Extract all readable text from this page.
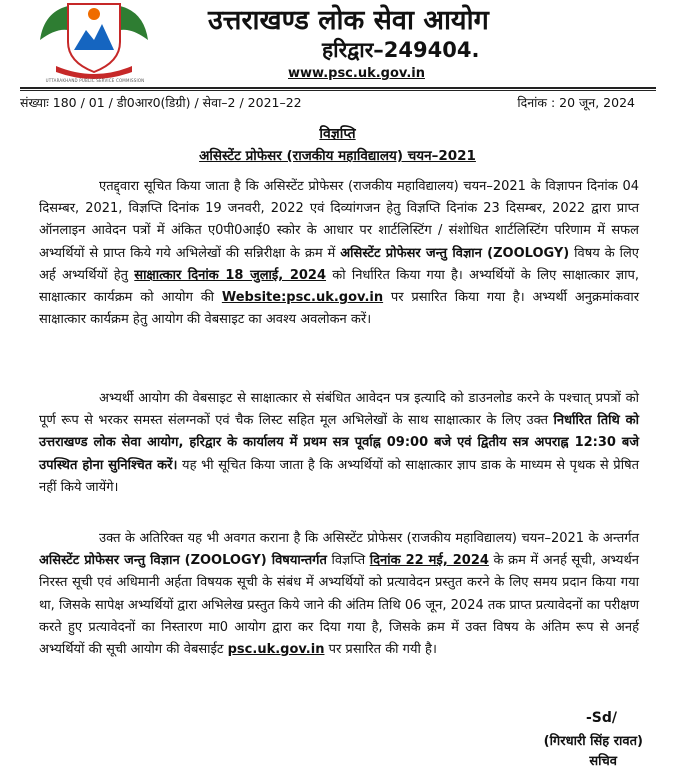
UTTARAKHAND PUBLIC SERVICE COMMISSION
उत्तराखण्ड लोक सेवा आयोग
हरिद्वार–249404.
www.psc.uk.gov.in
संख्याः 180 / 01 / डी0आर0(डिग्री) / सेवा–2 / 2021–22	दिनांक : 20 जून, 2024
विज्ञप्ति
असिस्टेंट प्रोफेसर (राजकीय महाविद्यालय) चयन–2021

एतद्द्वारा सूचित किया जाता है कि असिस्टेंट प्रोफेसर (राजकीय महाविद्यालय) चयन–2021 के विज्ञापन दिनांक 04 दिसम्बर, 2021, विज्ञप्ति दिनांक 19 जनवरी, 2022 एवं दिव्यांगजन हेतु विज्ञप्ति दिनांक 23 दिसम्बर, 2022 द्वारा प्राप्त ऑनलाइन आवेदन पत्रों में अंकित ए0पी0आई0 स्कोर के आधार पर शार्टलिस्टिंग / संशोधित शार्टलिस्टिंग परिणाम में सफल अभ्यर्थियों से प्राप्त किये गये अभिलेखों की सन्निरीक्षा के क्रम में असिस्टेंट प्रोफेसर जन्तु विज्ञान (ZOOLOGY) विषय के लिए अर्ह अभ्यर्थियों हेतु साक्षात्कार दिनांक 18 जुलाई, 2024 को निर्धारित किया गया है। अभ्यर्थियों के लिए साक्षात्कार ज्ञाप, साक्षात्कार कार्यक्रम को आयोग की Website:psc.uk.gov.in पर प्रसारित किया गया है। अभ्यर्थी अनुक्रमांकवार साक्षात्कार कार्यक्रम हेतु आयोग की वेबसाइट का अवश्य अवलोकन करें।

अभ्यर्थी आयोग की वेबसाइट से साक्षात्कार से संबंधित आवेदन पत्र इत्यादि को डाउनलोड करने के पश्चात् प्रपत्रों को पूर्ण रूप से भरकर समस्त संलग्नकों एवं चैक लिस्ट सहित मूल अभिलेखों के साथ साक्षात्कार के लिए उक्त निर्धारित तिथि को उत्तराखण्ड लोक सेवा आयोग, हरिद्वार के कार्यालय में प्रथम सत्र पूर्वाह्न 09:00 बजे एवं द्वितीय सत्र अपराह्न 12:30 बजे उपस्थित होना सुनिश्चित करें। यह भी सूचित किया जाता है कि अभ्यर्थियों को साक्षात्कार ज्ञाप डाक के माध्यम से पृथक से प्रेषित नहीं किये जायेंगे।

उक्त के अतिरिक्त यह भी अवगत कराना है कि असिस्टेंट प्रोफेसर (राजकीय महाविद्यालय) चयन–2021 के अन्तर्गत असिस्टेंट प्रोफेसर जन्तु विज्ञान (ZOOLOGY) विषयान्तर्गत विज्ञप्ति दिनांक 22 मई, 2024 के क्रम में अनर्ह सूची, अभ्यर्थन निरस्त सूची एवं अधिमानी अर्हता विषयक सूची के संबंध में अभ्यर्थियों को प्रत्यावेदन प्रस्तुत करने के लिए समय प्रदान किया गया था, जिसके सापेक्ष अभ्यर्थियों द्वारा अभिलेख प्रस्तुत किये जाने की अंतिम तिथि 06 जून, 2024 तक प्राप्त प्रत्यावेदनों का परीक्षण करते हुए प्रत्यावेदनों का निस्तारण मा0 आयोग द्वारा कर दिया गया है, जिसके क्रम में उक्त विषय के अंतिम रूप से अनर्ह अभ्यर्थियों की सूची आयोग की वेबसाईट psc.uk.gov.in पर प्रसारित की गयी है।

-Sd/
(गिरधारी सिंह रावत)
सचिव
